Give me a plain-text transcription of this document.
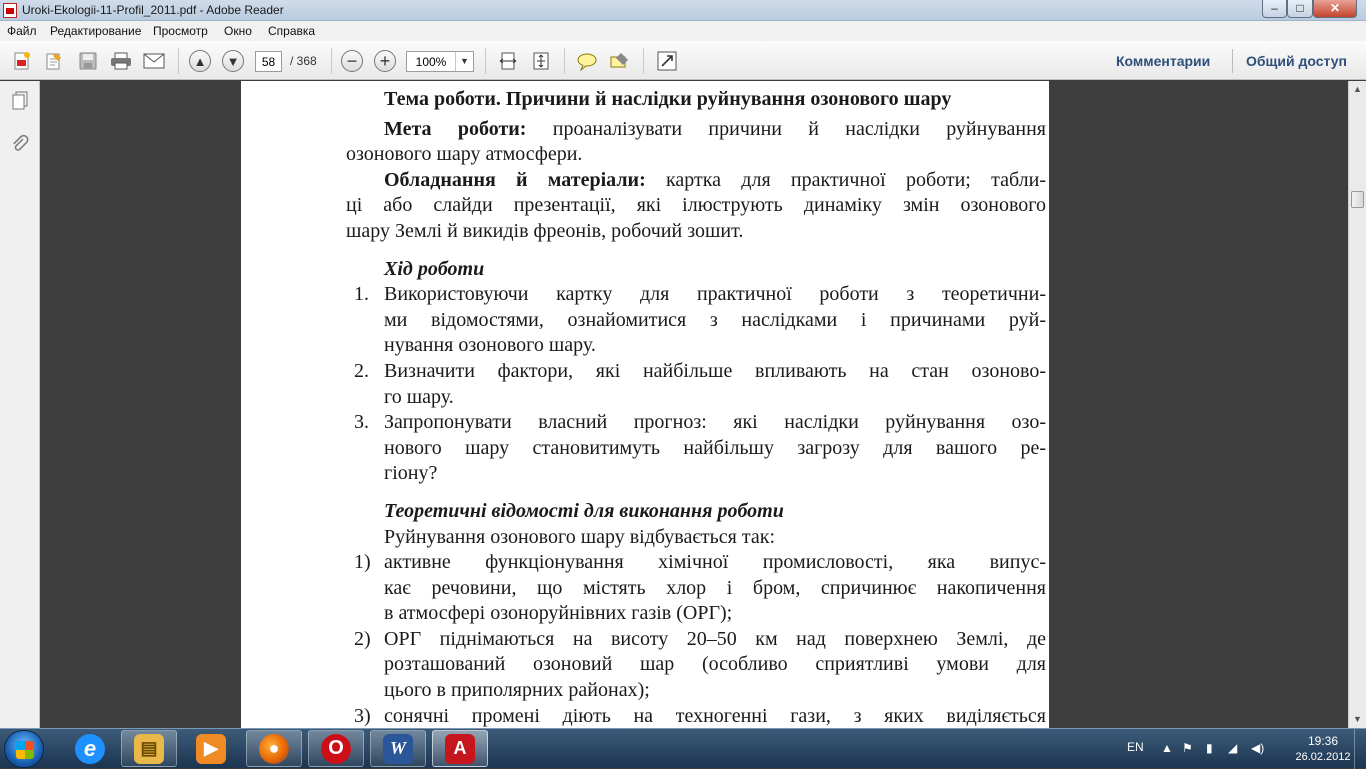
Uroki-Ekologii-11-Profil_2011.pdf - Adobe Reader	–	□	✕
Файл Редактирование Просмотр Окно Справка
▲	▼
58	/ 368	−	+
100%	▼	Комментарии	Общий доступ
Тема роботи. Причини й наслідки руйнування озонового шару
Мета роботи: проаналізувати причини й наслідки руйнування
озонового шару атмосфери.
Обладнання й матеріали: картка для практичної роботи; табли-
ці або слайди презентації, які ілюструють динаміку змін озонового
шару Землі й викидів фреонів, робочий зошит.
Хід роботи
1. Використовуючи картку для практичної роботи з теоретични-
ми відомостями, ознайомитися з наслідками і причинами руй-
нування озонового шару.
2. Визначити фактори, які найбільше впливають на стан озоново-
го шару.
3. Запропонувати власний прогноз: які наслідки руйнування озо-
нового шару становитимуть найбільшу загрозу для вашого ре-
гіону?
Теоретичні відомості для виконання роботи
Руйнування озонового шару відбувається так:
1) активне функціонування хімічної промисловості, яка випус-
кає речовини, що містять хлор і бром, спричинює накопичення
в атмосфері озоноруйнівних газів (ОРГ);
2) ОРГ піднімаються на висоту 20–50 км над поверхнею Землі, де
розташований озоновий шар (особливо сприятливі умови для
цього в приполярних районах);
3) сонячні промені діють на техногенні гази, з яких виділяється
▲
▼
e	▤	▶	●	O	W	A	EN ▲ ⚑ ▮ ◢ ◀)	19:36
26.02.2012
